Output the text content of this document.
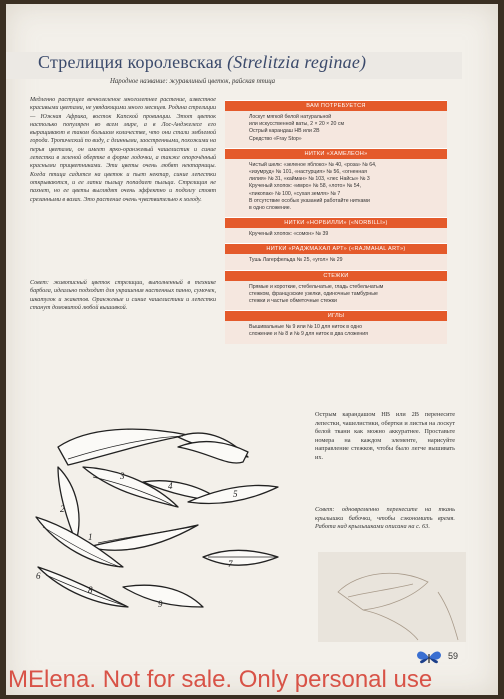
Стрелиция королевская (Strelitzia reginae)
Народное название: журавлиный цветок, райская птица

Медленно растущее вечнозеленое многолетнее растение, известное красивыми цветами, не увядающими много месяцев. Родина стрелиции — Южная Африка, восток Капской провинции. Этот цветок настолько популярен во всем мире, а в Лос-Анджелесе его выращивают в таком большом количестве, что они стали эмблемой города. Тропический по виду, с длинными, заостренными, похожими на перья цветами, он имеет ярко-оранжевый чашелистик и синие лепестки в зеленой обертке в форме лодочки, а также опорочённый красными прицветниками. Эти цветы очень любят нектарницы. Когда птица садится на цветок и пьет нектар, синие лепестки открываются, и ее лапки пыльцу попадает пыльца. Стрелиция не пахнет, но ее цветы выглядят очень эффектно и подолгу стоят срезанными в вазах. Это растение очень чувствительно к холоду.

Совет: живописный цветок стрелиции, выполненный в технике барбола, идеально подходит для украшения настенных панно, сумочек, шкатулок и жакетов. Оранжевые и синие чашелистики и лепестки станут домовитой любой вышивкой.

ВАМ ПОТРЕБУЕТСЯ
Лоскут мягкой белой натуральной
или искусственной ваты, 2 × 20 × 20 см
Острый карандаш НВ или 2В
Средство «Fray Stop»
НИТКИ «ХАМЕЛЕОН»
Чистый шелк: «зеленое яблоко» № 40, «роза» № 64,
«изумруд» № 101, «настурция» № 56, «огненная
лилия» № 31, «кайман» № 103, «лес Найсы» № 3
Крученый хлопок: «имро» № 58, «лото» № 54,
«пикопак» № 100, «сухая земля» № 7
В отсутствие особых указаний работайте нитками
в одно сложение.
НИТКИ «НОРБИЛЛИ» («NORBILLI»)
Крученый хлопок: «сомон» № 39
НИТКИ «РАДЖМАХАЛ АРТ» («RAJMAHAL ART»)
Тушь Лагерфельда № 25, «угол» № 29
СТЕЖКИ
Прямые и короткие, стебельчатые, гладь стебельчатым
стежком, французские узелки, одиночные тамбурные
стежки и частые обметочные стежки
ИГЛЫ
Вышивальные № 9 или № 10 для ниток в одно
сложение и № 8 и № 9 для ниток в два сложения
1
2
3
4
5
6
7
8
9

Острым карандашом НВ или 2В перенесите лепестки, чашелистики, обертки и листья на лоскут белой ткани как можно аккуратнее. Проставьте номера на каждом элементе, нарисуйте направление стежков, чтобы было легче вышивать их.

Совет: одновременно перенесите на ткань крылышки бабочки, чтобы сэкономить время. Работа над крылышками описана на с. 63.

59
MElena. Not for sale. Only personal use
